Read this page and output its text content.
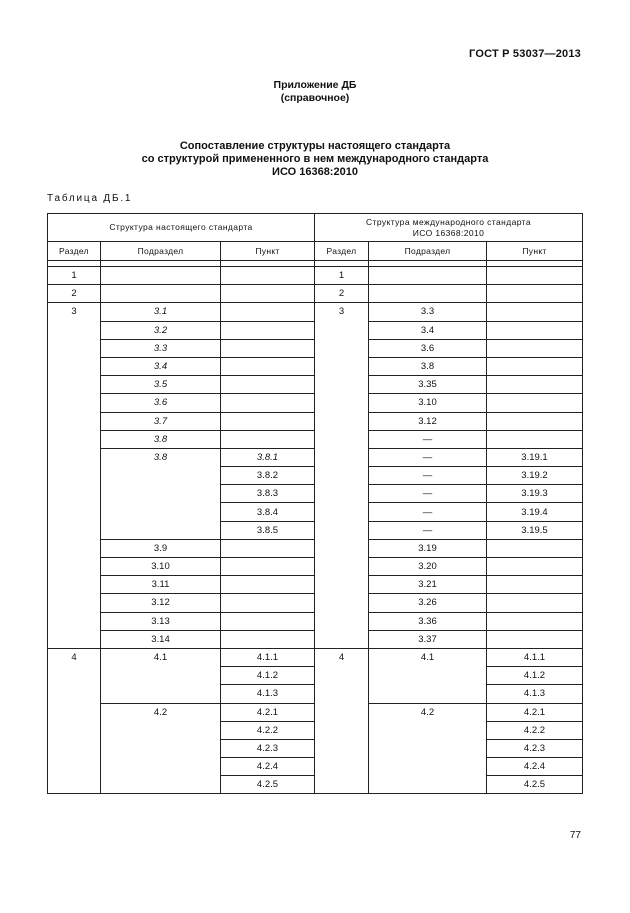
ГОСТ Р 53037—2013
Приложение ДБ
(справочное)
Сопоставление структуры настоящего стандарта
со структурой примененного в нем международного стандарта
ИСО 16368:2010
Таблица ДБ.1
Структура настоящего стандарта			Структура международного стандарта
ИСО 16368:2010		

Раздел	Подраздел	Пункт	Раздел	Подраздел	Пункт

1			1		
2			2		
3	3.1		3	3.3	
	3.2			3.4	
	3.3			3.6	
	3.4			3.8	
	3.5			3.35	
	3.6			3.10	
	3.7			3.12	
	3.8			—	
	3.8	3.8.1		—	3.19.1
		3.8.2		—	3.19.2
		3.8.3		—	3.19.3
		3.8.4		—	3.19.4
		3.8.5		—	3.19.5
	3.9			3.19	
	3.10			3.20	
	3.11			3.21	
	3.12			3.26	
	3.13			3.36	
	3.14			3.37	
4	4.1	4.1.1	4	4.1	4.1.1
		4.1.2			4.1.2
		4.1.3			4.1.3
	4.2	4.2.1		4.2	4.2.1
		4.2.2			4.2.2
		4.2.3			4.2.3
		4.2.4			4.2.4
		4.2.5			4.2.5
77
